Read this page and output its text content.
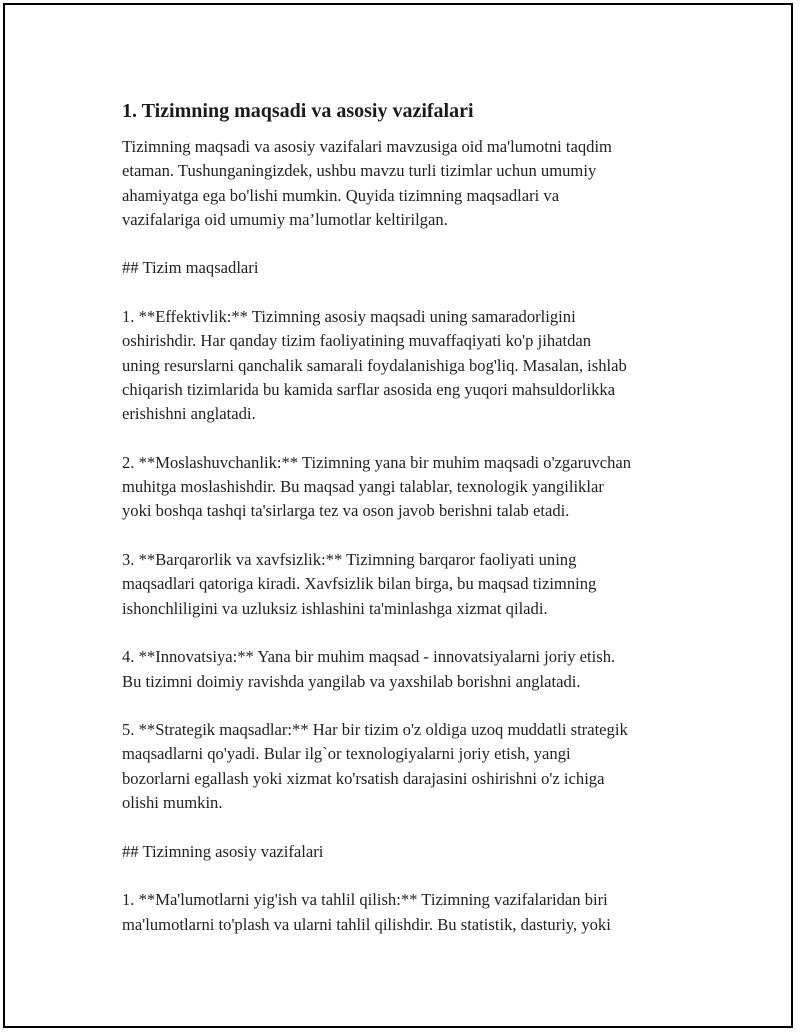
1. Tizimning maqsadi va asosiy vazifalari

Tizimning maqsadi va asosiy vazifalari mavzusiga oid ma'lumotni taqdim
etaman. Tushunganingizdek, ushbu mavzu turli tizimlar uchun umumiy
ahamiyatga ega bo'lishi mumkin. Quyida tizimning maqsadlari va
vazifalariga oid umumiy ma’lumotlar keltirilgan.

## Tizim maqsadlari

1. **Effektivlik:** Tizimning asosiy maqsadi uning samaradorligini
oshirishdir. Har qanday tizim faoliyatining muvaffaqiyati ko'p jihatdan
uning resurslarni qanchalik samarali foydalanishiga bog'liq. Masalan, ishlab
chiqarish tizimlarida bu kamida sarflar asosida eng yuqori mahsuldorlikka
erishishni anglatadi.

2. **Moslashuvchanlik:** Tizimning yana bir muhim maqsadi o'zgaruvchan
muhitga moslashishdir. Bu maqsad yangi talablar, texnologik yangiliklar
yoki boshqa tashqi ta'sirlarga tez va oson javob berishni talab etadi.

3. **Barqarorlik va xavfsizlik:** Tizimning barqaror faoliyati uning
maqsadlari qatoriga kiradi. Xavfsizlik bilan birga, bu maqsad tizimning
ishonchliligini va uzluksiz ishlashini ta'minlashga xizmat qiladi.

4. **Innovatsiya:** Yana bir muhim maqsad - innovatsiyalarni joriy etish.
Bu tizimni doimiy ravishda yangilab va yaxshilab borishni anglatadi.

5. **Strategik maqsadlar:** Har bir tizim o'z oldiga uzoq muddatli strategik
maqsadlarni qo'yadi. Bular ilg`or texnologiyalarni joriy etish, yangi
bozorlarni egallash yoki xizmat ko'rsatish darajasini oshirishni o'z ichiga
olishi mumkin.

## Tizimning asosiy vazifalari

1. **Ma'lumotlarni yig'ish va tahlil qilish:** Tizimning vazifalaridan biri
ma'lumotlarni to'plash va ularni tahlil qilishdir. Bu statistik, dasturiy, yoki
